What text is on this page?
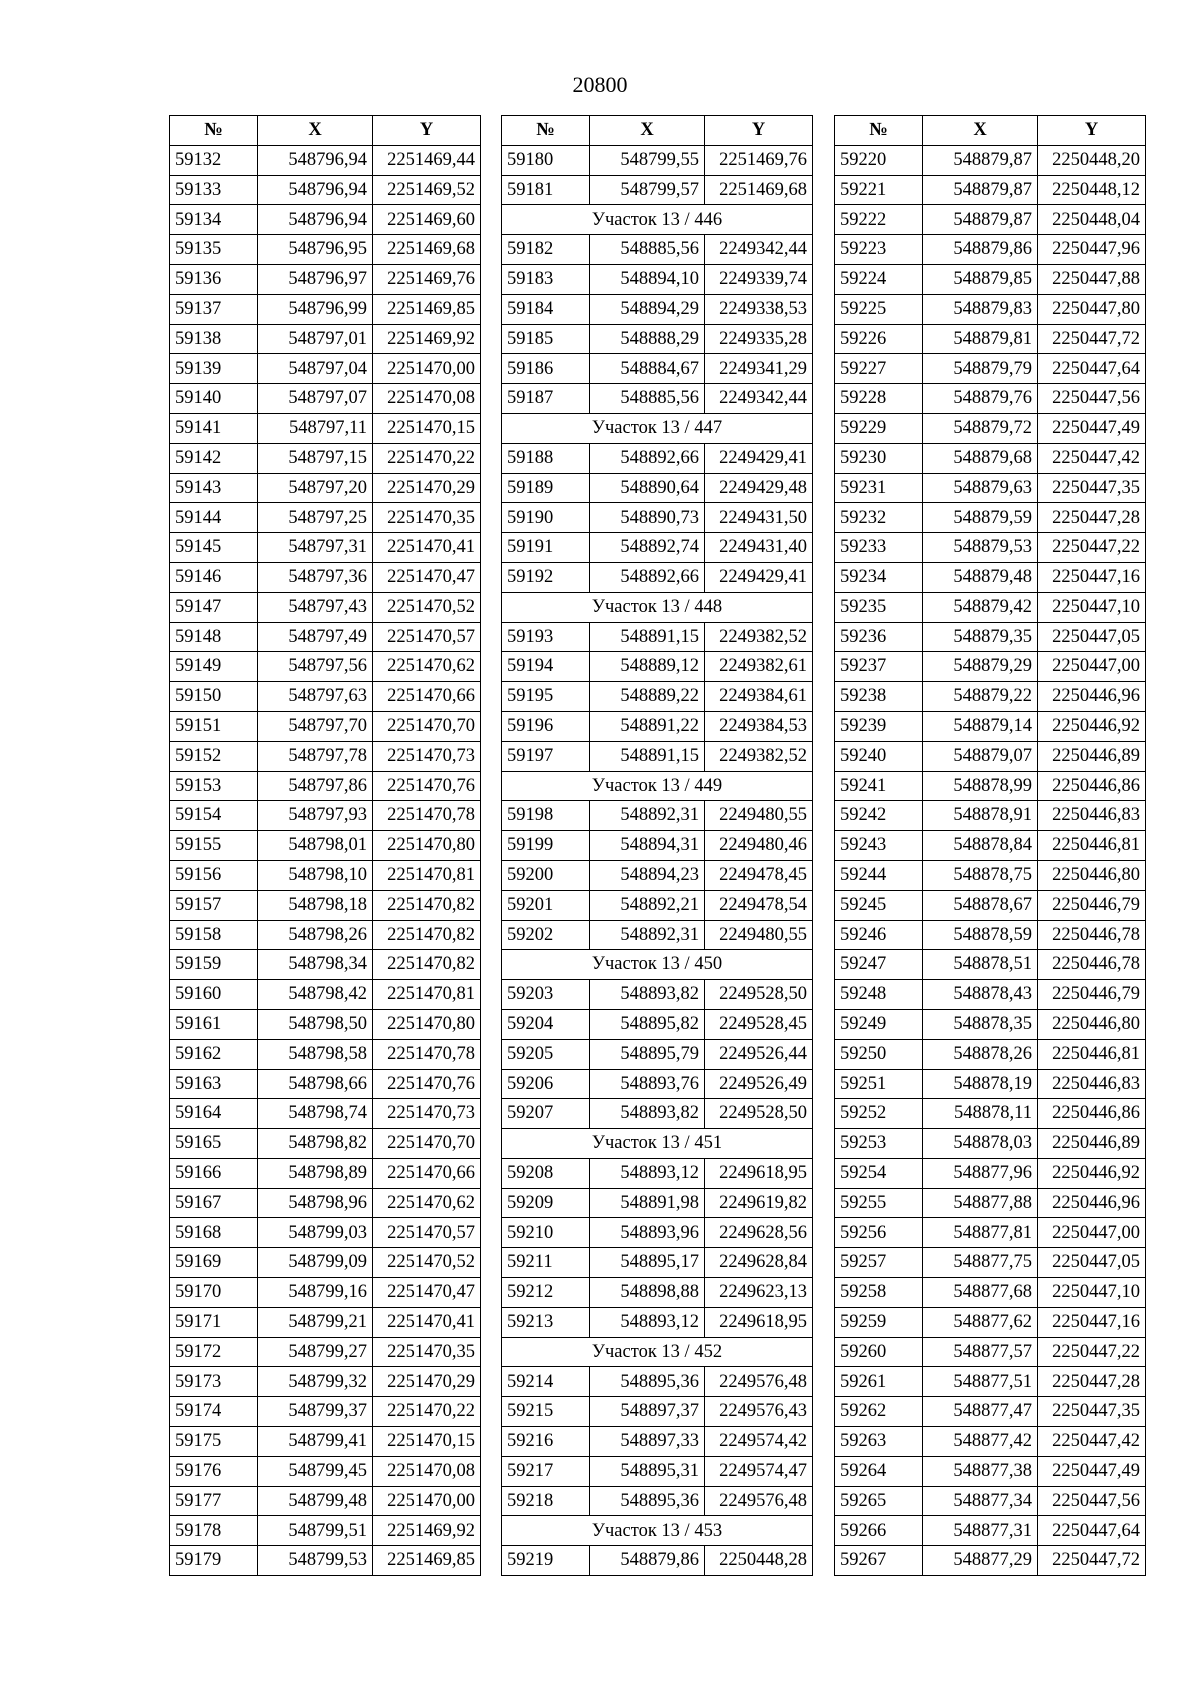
20800
№	X	Y
59132	548796,94	2251469,44
59133	548796,94	2251469,52
59134	548796,94	2251469,60
59135	548796,95	2251469,68
59136	548796,97	2251469,76
59137	548796,99	2251469,85
59138	548797,01	2251469,92
59139	548797,04	2251470,00
59140	548797,07	2251470,08
59141	548797,11	2251470,15
59142	548797,15	2251470,22
59143	548797,20	2251470,29
59144	548797,25	2251470,35
59145	548797,31	2251470,41
59146	548797,36	2251470,47
59147	548797,43	2251470,52
59148	548797,49	2251470,57
59149	548797,56	2251470,62
59150	548797,63	2251470,66
59151	548797,70	2251470,70
59152	548797,78	2251470,73
59153	548797,86	2251470,76
59154	548797,93	2251470,78
59155	548798,01	2251470,80
59156	548798,10	2251470,81
59157	548798,18	2251470,82
59158	548798,26	2251470,82
59159	548798,34	2251470,82
59160	548798,42	2251470,81
59161	548798,50	2251470,80
59162	548798,58	2251470,78
59163	548798,66	2251470,76
59164	548798,74	2251470,73
59165	548798,82	2251470,70
59166	548798,89	2251470,66
59167	548798,96	2251470,62
59168	548799,03	2251470,57
59169	548799,09	2251470,52
59170	548799,16	2251470,47
59171	548799,21	2251470,41
59172	548799,27	2251470,35
59173	548799,32	2251470,29
59174	548799,37	2251470,22
59175	548799,41	2251470,15
59176	548799,45	2251470,08
59177	548799,48	2251470,00
59178	548799,51	2251469,92
59179	548799,53	2251469,85
№	X	Y
59180	548799,55	2251469,76
59181	548799,57	2251469,68
Участок 13 / 446		
59182	548885,56	2249342,44
59183	548894,10	2249339,74
59184	548894,29	2249338,53
59185	548888,29	2249335,28
59186	548884,67	2249341,29
59187	548885,56	2249342,44
Участок 13 / 447		
59188	548892,66	2249429,41
59189	548890,64	2249429,48
59190	548890,73	2249431,50
59191	548892,74	2249431,40
59192	548892,66	2249429,41
Участок 13 / 448		
59193	548891,15	2249382,52
59194	548889,12	2249382,61
59195	548889,22	2249384,61
59196	548891,22	2249384,53
59197	548891,15	2249382,52
Участок 13 / 449		
59198	548892,31	2249480,55
59199	548894,31	2249480,46
59200	548894,23	2249478,45
59201	548892,21	2249478,54
59202	548892,31	2249480,55
Участок 13 / 450		
59203	548893,82	2249528,50
59204	548895,82	2249528,45
59205	548895,79	2249526,44
59206	548893,76	2249526,49
59207	548893,82	2249528,50
Участок 13 / 451		
59208	548893,12	2249618,95
59209	548891,98	2249619,82
59210	548893,96	2249628,56
59211	548895,17	2249628,84
59212	548898,88	2249623,13
59213	548893,12	2249618,95
Участок 13 / 452		
59214	548895,36	2249576,48
59215	548897,37	2249576,43
59216	548897,33	2249574,42
59217	548895,31	2249574,47
59218	548895,36	2249576,48
Участок 13 / 453		
59219	548879,86	2250448,28
№	X	Y
59220	548879,87	2250448,20
59221	548879,87	2250448,12
59222	548879,87	2250448,04
59223	548879,86	2250447,96
59224	548879,85	2250447,88
59225	548879,83	2250447,80
59226	548879,81	2250447,72
59227	548879,79	2250447,64
59228	548879,76	2250447,56
59229	548879,72	2250447,49
59230	548879,68	2250447,42
59231	548879,63	2250447,35
59232	548879,59	2250447,28
59233	548879,53	2250447,22
59234	548879,48	2250447,16
59235	548879,42	2250447,10
59236	548879,35	2250447,05
59237	548879,29	2250447,00
59238	548879,22	2250446,96
59239	548879,14	2250446,92
59240	548879,07	2250446,89
59241	548878,99	2250446,86
59242	548878,91	2250446,83
59243	548878,84	2250446,81
59244	548878,75	2250446,80
59245	548878,67	2250446,79
59246	548878,59	2250446,78
59247	548878,51	2250446,78
59248	548878,43	2250446,79
59249	548878,35	2250446,80
59250	548878,26	2250446,81
59251	548878,19	2250446,83
59252	548878,11	2250446,86
59253	548878,03	2250446,89
59254	548877,96	2250446,92
59255	548877,88	2250446,96
59256	548877,81	2250447,00
59257	548877,75	2250447,05
59258	548877,68	2250447,10
59259	548877,62	2250447,16
59260	548877,57	2250447,22
59261	548877,51	2250447,28
59262	548877,47	2250447,35
59263	548877,42	2250447,42
59264	548877,38	2250447,49
59265	548877,34	2250447,56
59266	548877,31	2250447,64
59267	548877,29	2250447,72
